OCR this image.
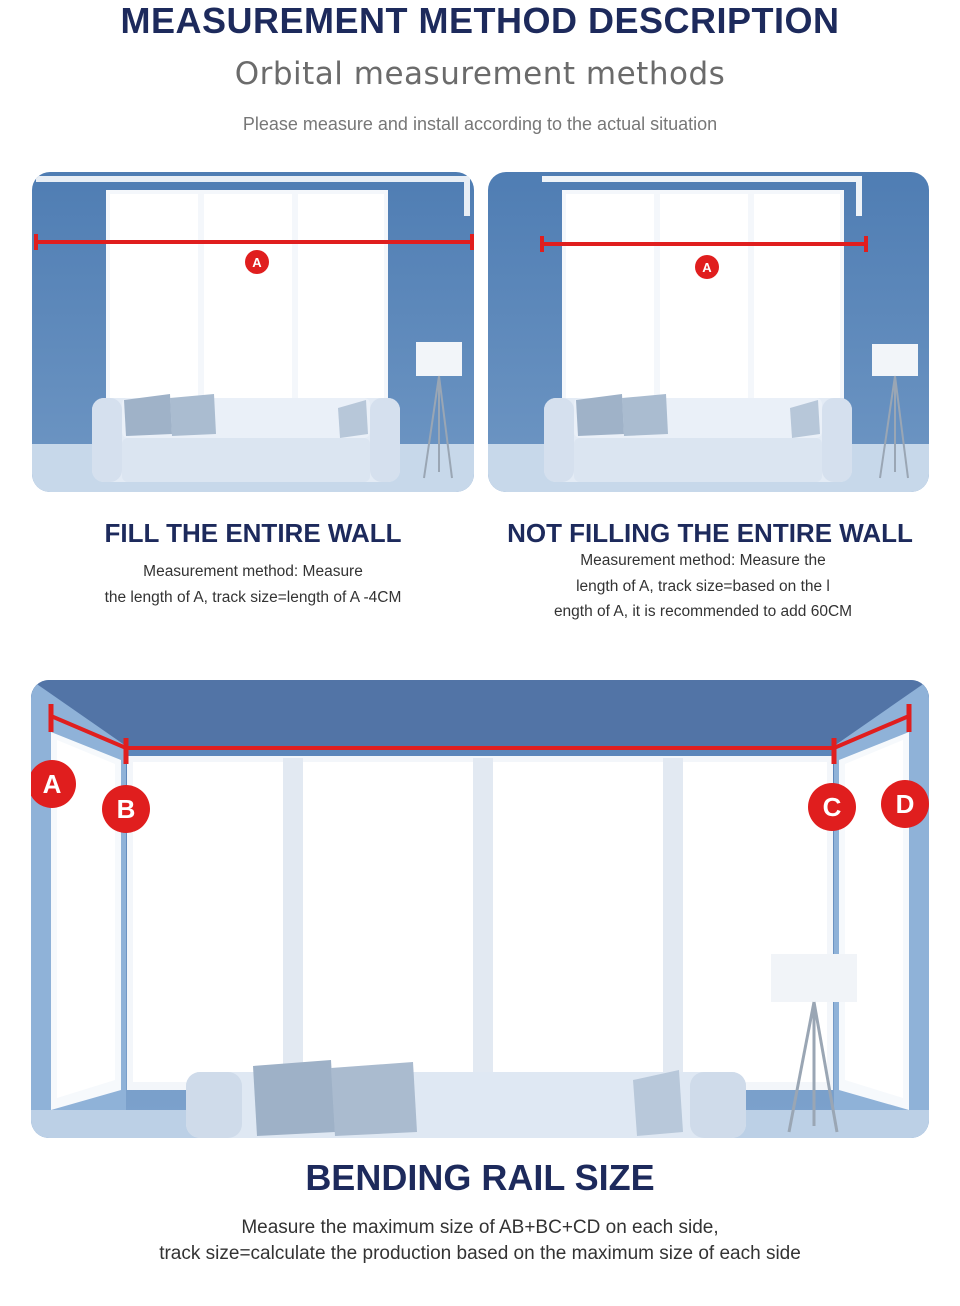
MEASUREMENT METHOD DESCRIPTION
Orbital measurement methods
Please measure and install according to the actual situation
A	A
FILL THE ENTIRE WALL
Measurement method: Measure
the length of A, track size=length of A -4CM
NOT FILLING THE ENTIRE WALL
Measurement method: Measure the
length of A, track size=based on the l
ength of A, it is recommended to add 60CM
A
B	C D
BENDING RAIL SIZE
Measure the maximum size of AB+BC+CD on each side,
track size=calculate the production based on the maximum size of each side
